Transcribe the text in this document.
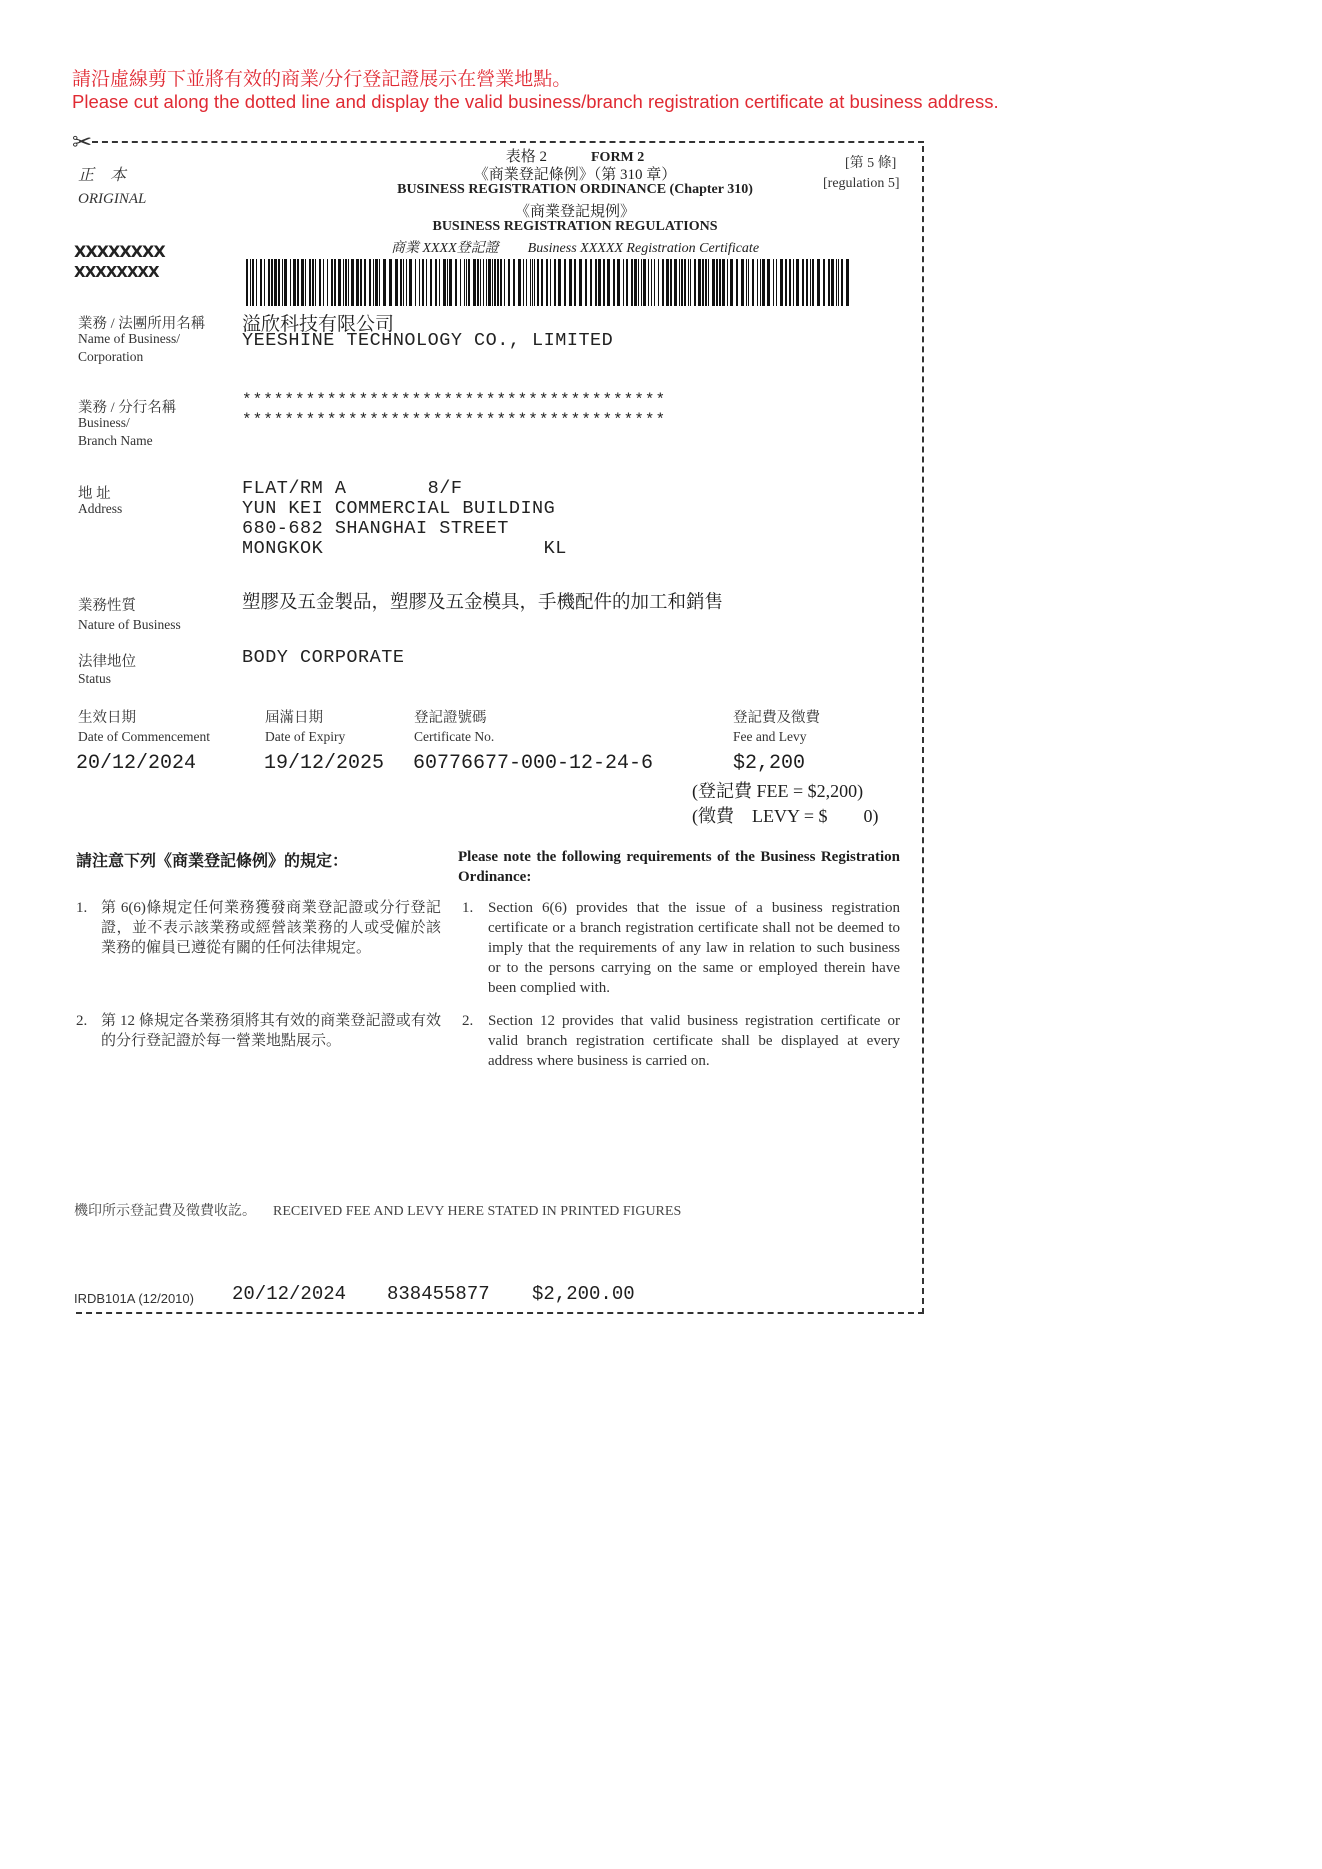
請沿虛線剪下並將有效的商業/分行登記證展示在營業地點。
Please cut along the dotted line and display the valid business/branch registration certificate at business address.
✂
正　本
ORIGINAL
表格 2	FORM 2
《商業登記條例》（第 310 章）
BUSINESS REGISTRATION ORDINANCE (Chapter 310)
《商業登記規例》
BUSINESS REGISTRATION REGULATIONS
商業 XXXX登記證 Business XXXXX Registration Certificate
[第 5 條]
[regulation 5]
XXXXXXXX
XXXXXXXX
業務 / 法團所用名稱
Name of Business/
Corporation
溢欣科技有限公司
YEESHINE TECHNOLOGY CO., LIMITED
業務 / 分行名稱
Business/
Branch Name
****************************************
****************************************
地 址
Address
FLAT/RM A       8/F
YUN KEI COMMERCIAL BUILDING
680-682 SHANGHAI STREET
MONGKOK                   KL
業務性質
Nature of Business
塑膠及五金製品，塑膠及五金模具，手機配件的加工和銷售
法律地位
Status
BODY CORPORATE
生效日期
Date of Commencement
20/12/2024
屆滿日期
Date of Expiry
19/12/2025
登記證號碼
Certificate No.
60776677-000-12-24-6
登記費及徵費
Fee and Levy
$2,200
(登記費 FEE = $2,200)
(徵費　LEVY = $　　0)
請注意下列《商業登記條例》的規定：	Please note the following requirements of the Business Registration Ordinance:
1. 第 6(6)條規定任何業務獲發商業登記證或分行登記證，並不表示該業務或經營該業務的人或受僱於該業務的僱員已遵從有關的任何法律規定。
2. 第 12 條規定各業務須將其有效的商業登記證或有效的分行登記證於每一營業地點展示。
1. Section 6(6) provides that the issue of a business registration certificate or a branch registration certificate shall not be deemed to imply that the requirements of any law in relation to such business or to the persons carrying on the same or employed therein have been complied with.
2. Section 12 provides that valid business registration certificate or valid branch registration certificate shall be displayed at every address where business is carried on.
機印所示登記費及徵費收訖。 RECEIVED FEE AND LEVY HERE STATED IN PRINTED FIGURES
IRDB101A (12/2010) 20/12/2024 838455877 $2,200.00
